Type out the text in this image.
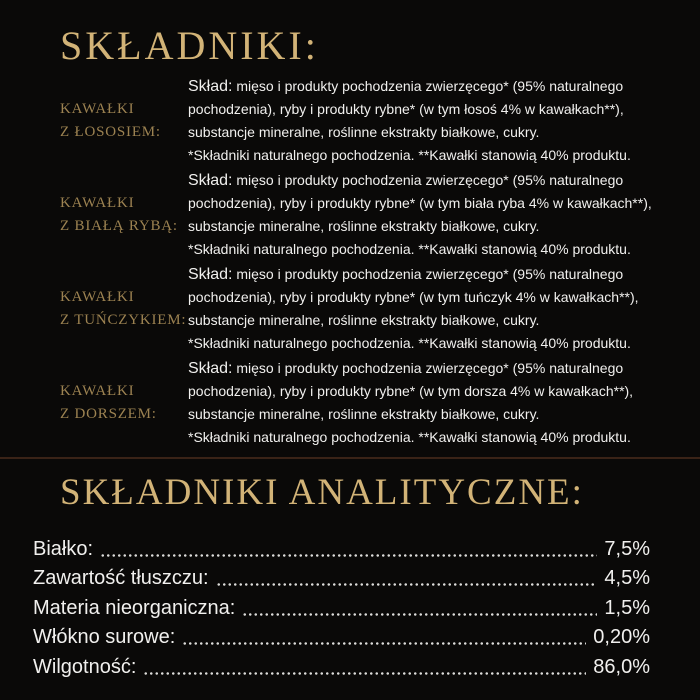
SKŁADNIKI:
KAWAŁKI
Z ŁOSOSIEM:

Skład: mięso i produkty pochodzenia zwierzęcego* (95% naturalnego pochodzenia), ryby i produkty rybne* (w tym łosoś 4% w kawałkach**), substancje mineralne, roślinne ekstrakty białkowe, cukry.
*Składniki naturalnego pochodzenia. **Kawałki stanowią 40% produktu.

KAWAŁKI
Z BIAŁĄ RYBĄ:

Skład: mięso i produkty pochodzenia zwierzęcego* (95% naturalnego pochodzenia), ryby i produkty rybne* (w tym biała ryba 4% w kawałkach**), substancje mineralne, roślinne ekstrakty białkowe, cukry.
*Składniki naturalnego pochodzenia. **Kawałki stanowią 40% produktu.

KAWAŁKI
Z TUŃCZYKIEM:

Skład: mięso i produkty pochodzenia zwierzęcego* (95% naturalnego pochodzenia), ryby i produkty rybne* (w tym tuńczyk 4% w kawałkach**), substancje mineralne, roślinne ekstrakty białkowe, cukry.
*Składniki naturalnego pochodzenia. **Kawałki stanowią 40% produktu.

KAWAŁKI
Z DORSZEM:

Skład: mięso i produkty pochodzenia zwierzęcego* (95% naturalnego pochodzenia), ryby i produkty rybne* (w tym dorsza 4% w kawałkach**), substancje mineralne, roślinne ekstrakty białkowe, cukry.
*Składniki naturalnego pochodzenia. **Kawałki stanowią 40% produktu.

SKŁADNIKI ANALITYCZNE:
Białko:	7,5%
Zawartość tłuszczu:	4,5%
Materia nieorganiczna:	1,5%
Włókno surowe:	0,20%
Wilgotność:	86,0%
